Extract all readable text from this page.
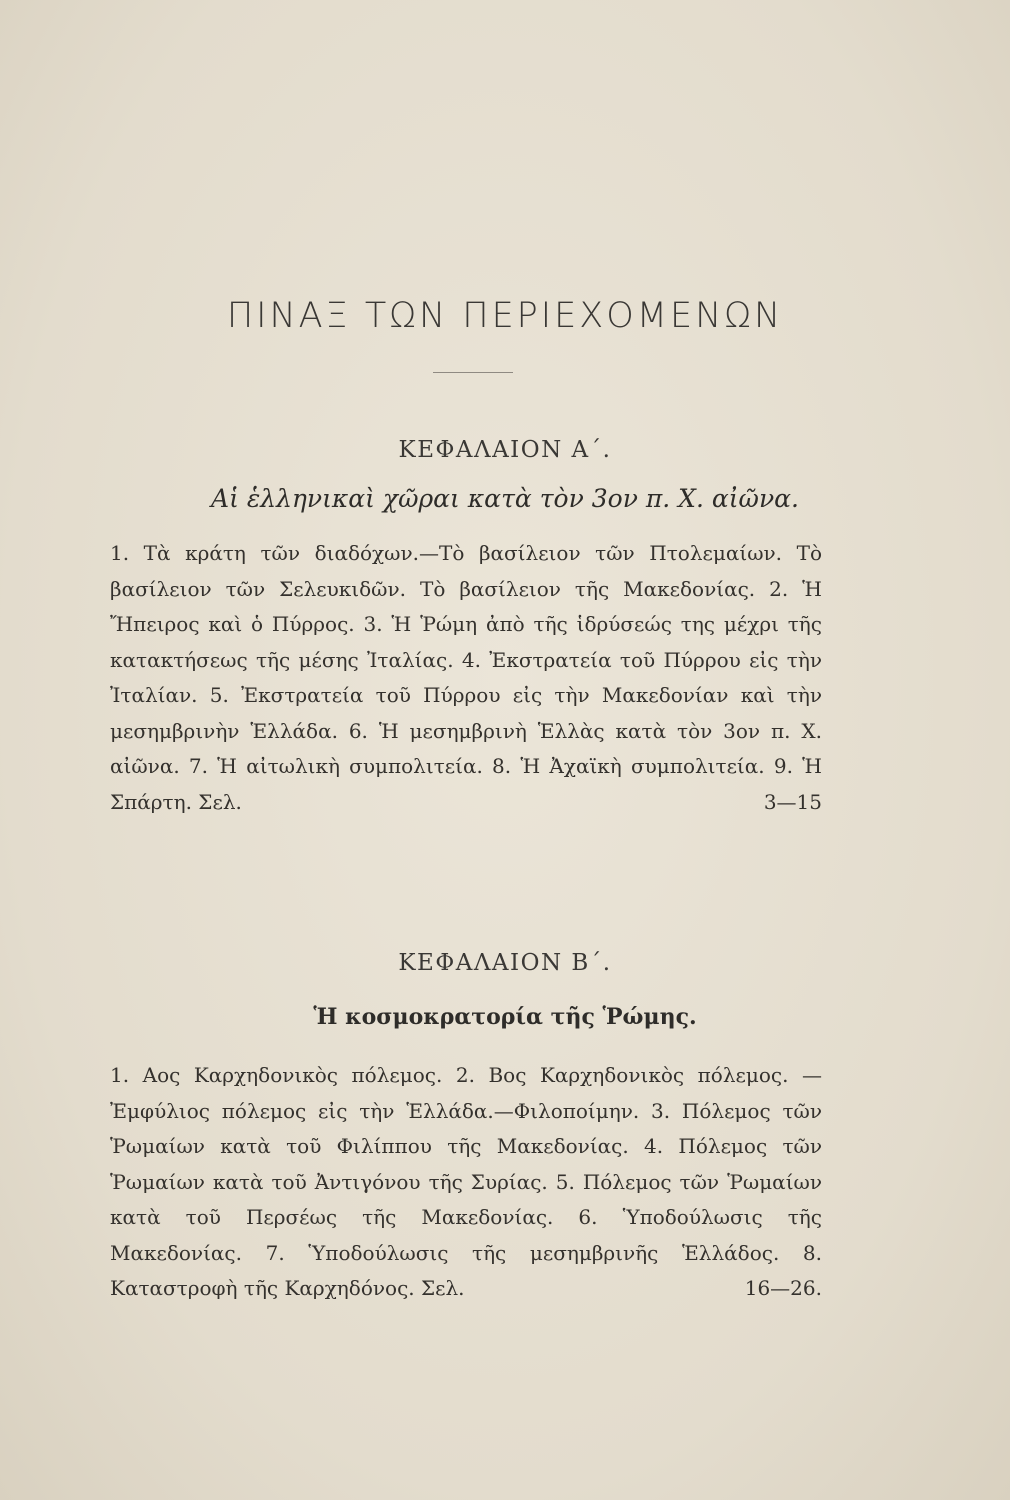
ΠΙΝΑΞ ΤΩΝ ΠΕΡΙΕΧΟΜΕΝΩΝ
ΚΕΦΑΛΑΙΟΝ Α΄.
Αἱ ἑλληνικαὶ χῶραι κατὰ τὸν 3ον π. Χ. αἰῶνα.
1. Τὰ κράτη τῶν διαδόχων.—Τὸ βασίλειον τῶν Πτολεμαίων. Τὸ βασίλειον τῶν Σελευκιδῶν. Τὸ βασίλειον τῆς Μακεδονίας. 2. Ἡ Ἤπειρος καὶ ὁ Πύρρος. 3. Ἡ Ῥώμη ἀπὸ τῆς ἱδρύσεώς της μέχρι τῆς κατακτήσεως τῆς μέσης Ἰταλίας. 4. Ἐκστρατεία τοῦ Πύρρου εἰς τὴν Ἰταλίαν. 5. Ἐκστρατεία τοῦ Πύρρου εἰς τὴν Μακεδονίαν καὶ τὴν μεσημβρινὴν Ἑλλάδα. 6. Ἡ μεσημβρινὴ Ἑλλὰς κατὰ τὸν 3ον π. Χ. αἰῶνα. 7. Ἡ αἰτωλικὴ συμπολιτεία. 8. Ἡ Ἀχαϊκὴ συμπολιτεία. 9. Ἡ Σπάρτη. Σελ.	3—15
ΚΕΦΑΛΑΙΟΝ Β΄.
Ἡ κοσμοκρατορία τῆς Ῥώμης.
1. Αος Καρχηδονικὸς πόλεμος. 2. Βος Καρχηδονικὸς πόλεμος. —Ἐμφύλιος πόλεμος εἰς τὴν Ἑλλάδα.—Φιλοποίμην. 3. Πόλεμος τῶν Ῥωμαίων κατὰ τοῦ Φιλίππου τῆς Μακεδονίας. 4. Πόλεμος τῶν Ῥωμαίων κατὰ τοῦ Ἀντιγόνου τῆς Συρίας. 5. Πόλεμος τῶν Ῥωμαίων κατὰ τοῦ Περσέως τῆς Μακεδονίας. 6. Ὑποδούλωσις τῆς Μακεδονίας. 7. Ὑποδούλωσις τῆς μεσημβρινῆς Ἑλλάδος. 8. Καταστροφὴ τῆς Καρχηδόνος. Σελ.	16—26.
